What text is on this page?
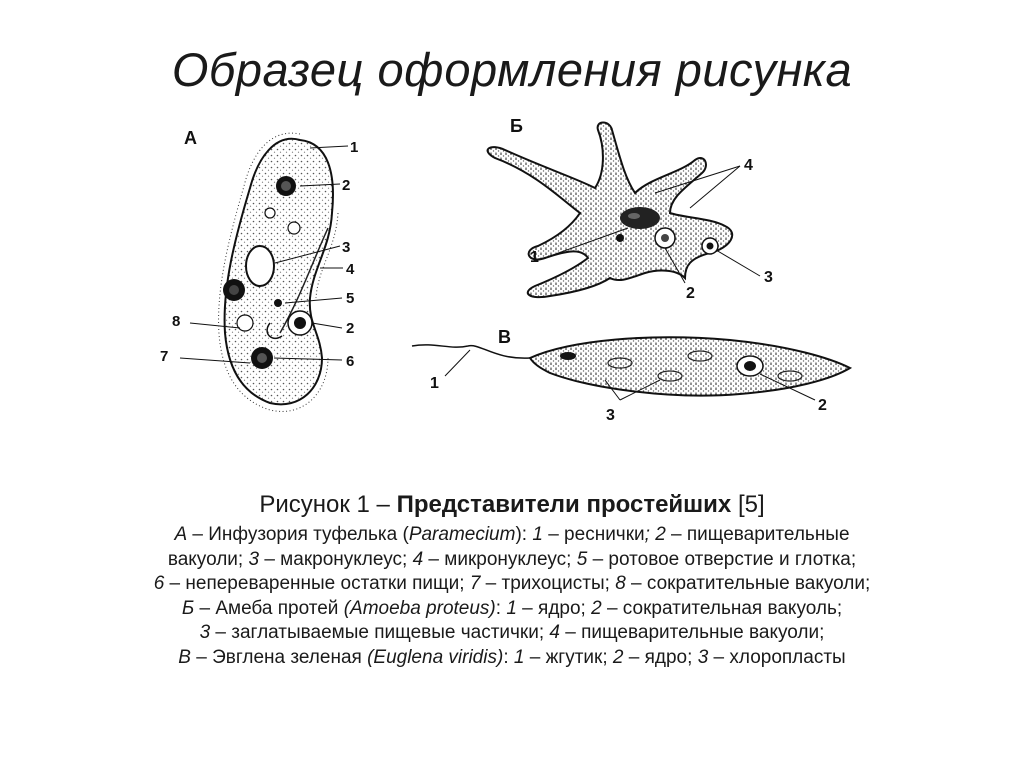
Образец оформления рисунка
А	1
2
3
4
5
2
6
8
7
Б
4
1
2
3
В
1
3
2
Рисунок 1 – Представители простейших [5]
А – Инфузория туфелька (Paramecium): 1 – реснички; 2 – пищеварительные
вакуоли; 3 – макронуклеус; 4 – микронуклеус; 5 – ротовое отверстие и глотка;
6 – непереваренные остатки пищи; 7 – трихоцисты; 8 – сократительные вакуоли;
Б – Амеба протей (Amoeba proteus): 1 – ядро; 2 – сократительная вакуоль;
3 – заглатываемые пищевые частички; 4 – пищеварительные вакуоли;
В – Эвглена зеленая (Euglena viridis): 1 – жгутик; 2 – ядро; 3 – хлоропласты
